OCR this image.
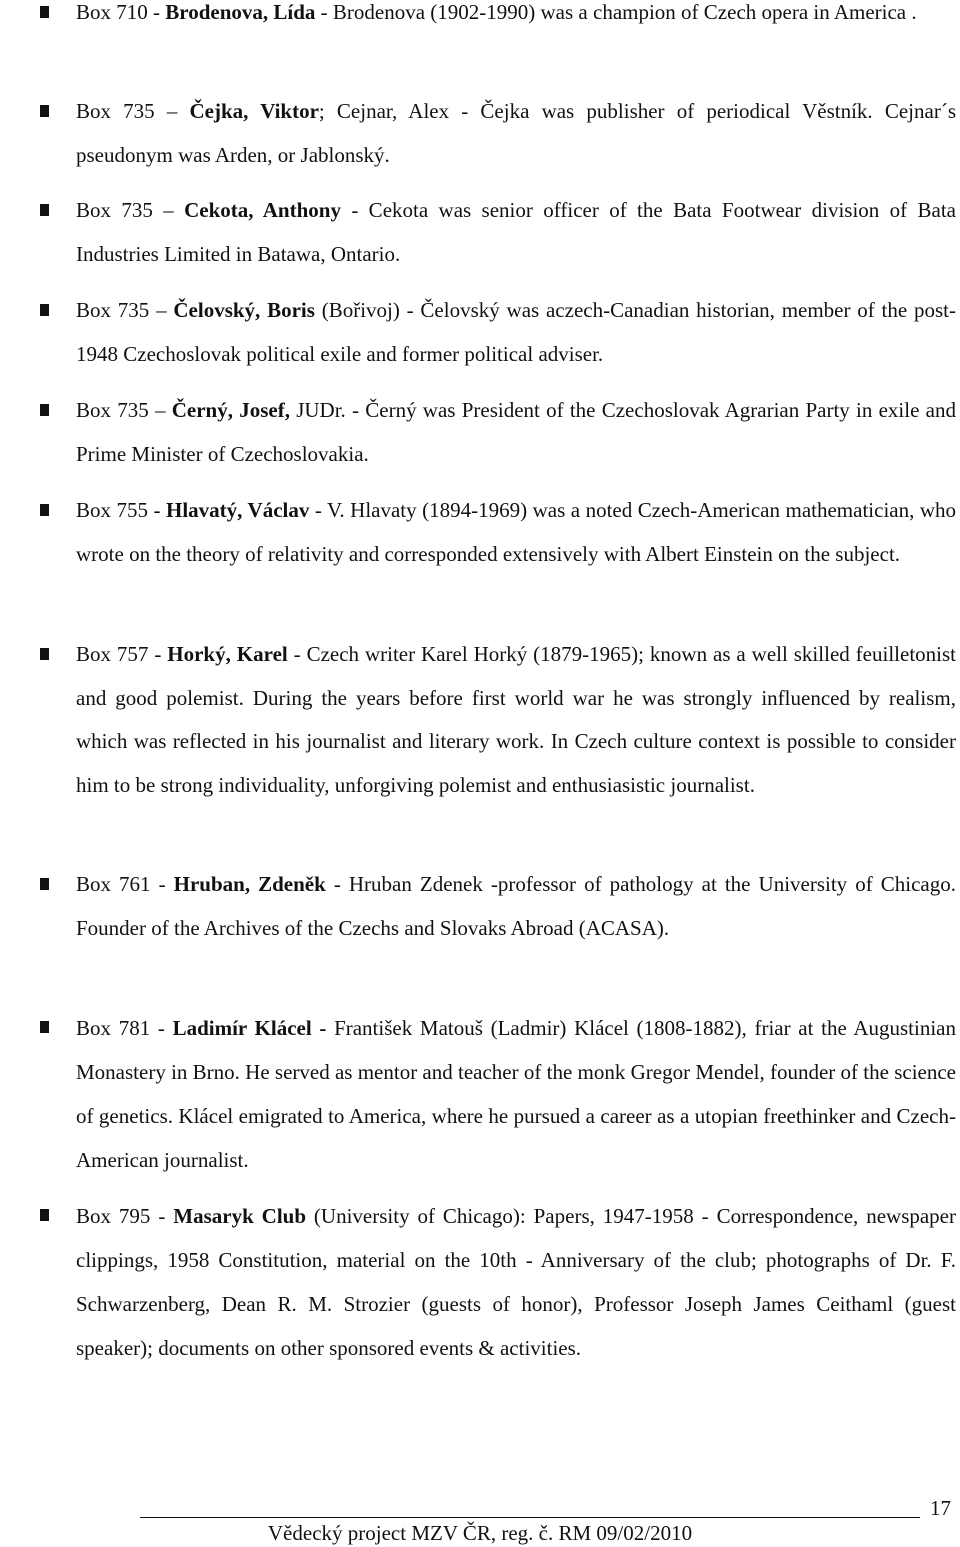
Box 710 - Brodenova, Lída - Brodenova (1902-1990) was a champion of Czech opera in America .
Box 735 – Čejka, Viktor; Cejnar, Alex - Čejka was publisher of periodical Věstník. Cejnar´s pseudonym was Arden, or Jablonský.
Box 735 – Cekota, Anthony - Cekota was senior officer of the Bata Footwear division of Bata Industries Limited in Batawa, Ontario.
Box 735 – Čelovský, Boris (Bořivoj) - Čelovský was aczech-Canadian historian, member of the post-1948 Czechoslovak political exile and former political adviser.
Box 735 – Černý, Josef, JUDr. - Černý was President of the Czechoslovak Agrarian Party in exile and Prime Minister of Czechoslovakia.
Box 755 - Hlavatý, Václav - V. Hlavaty (1894-1969) was a noted Czech-American mathematician, who wrote on the theory of relativity and corresponded extensively with Albert Einstein on the subject.
Box 757 - Horký, Karel - Czech writer Karel Horký (1879-1965); known as a well skilled feuilletonist and good polemist. During the years before first world war he was strongly influenced by realism, which was reflected in his journalist and literary work. In Czech culture context is possible to consider him to be strong individuality, unforgiving polemist and enthusiasistic journalist.
Box 761 - Hruban, Zdeněk - Hruban Zdenek -professor of pathology at the University of Chicago. Founder of the Archives of the Czechs and Slovaks Abroad (ACASA).
Box 781 - Ladimír Klácel - František Matouš (Ladmir) Klácel (1808-1882), friar at the Augustinian Monastery in Brno. He served as mentor and teacher of the monk Gregor Mendel, founder of the science of genetics. Klácel emigrated to America, where he pursued a career as a utopian freethinker and Czech-American journalist.
Box 795 - Masaryk Club (University of Chicago): Papers, 1947-1958 - Correspondence, newspaper clippings, 1958 Constitution, material on the 10th - Anniversary of the club; photographs of Dr. F. Schwarzenberg, Dean R. M. Strozier (guests of honor), Professor Joseph James Ceithaml (guest speaker); documents on other sponsored events & activities.
17
Vědecký project MZV ČR, reg. č. RM 09/02/2010
